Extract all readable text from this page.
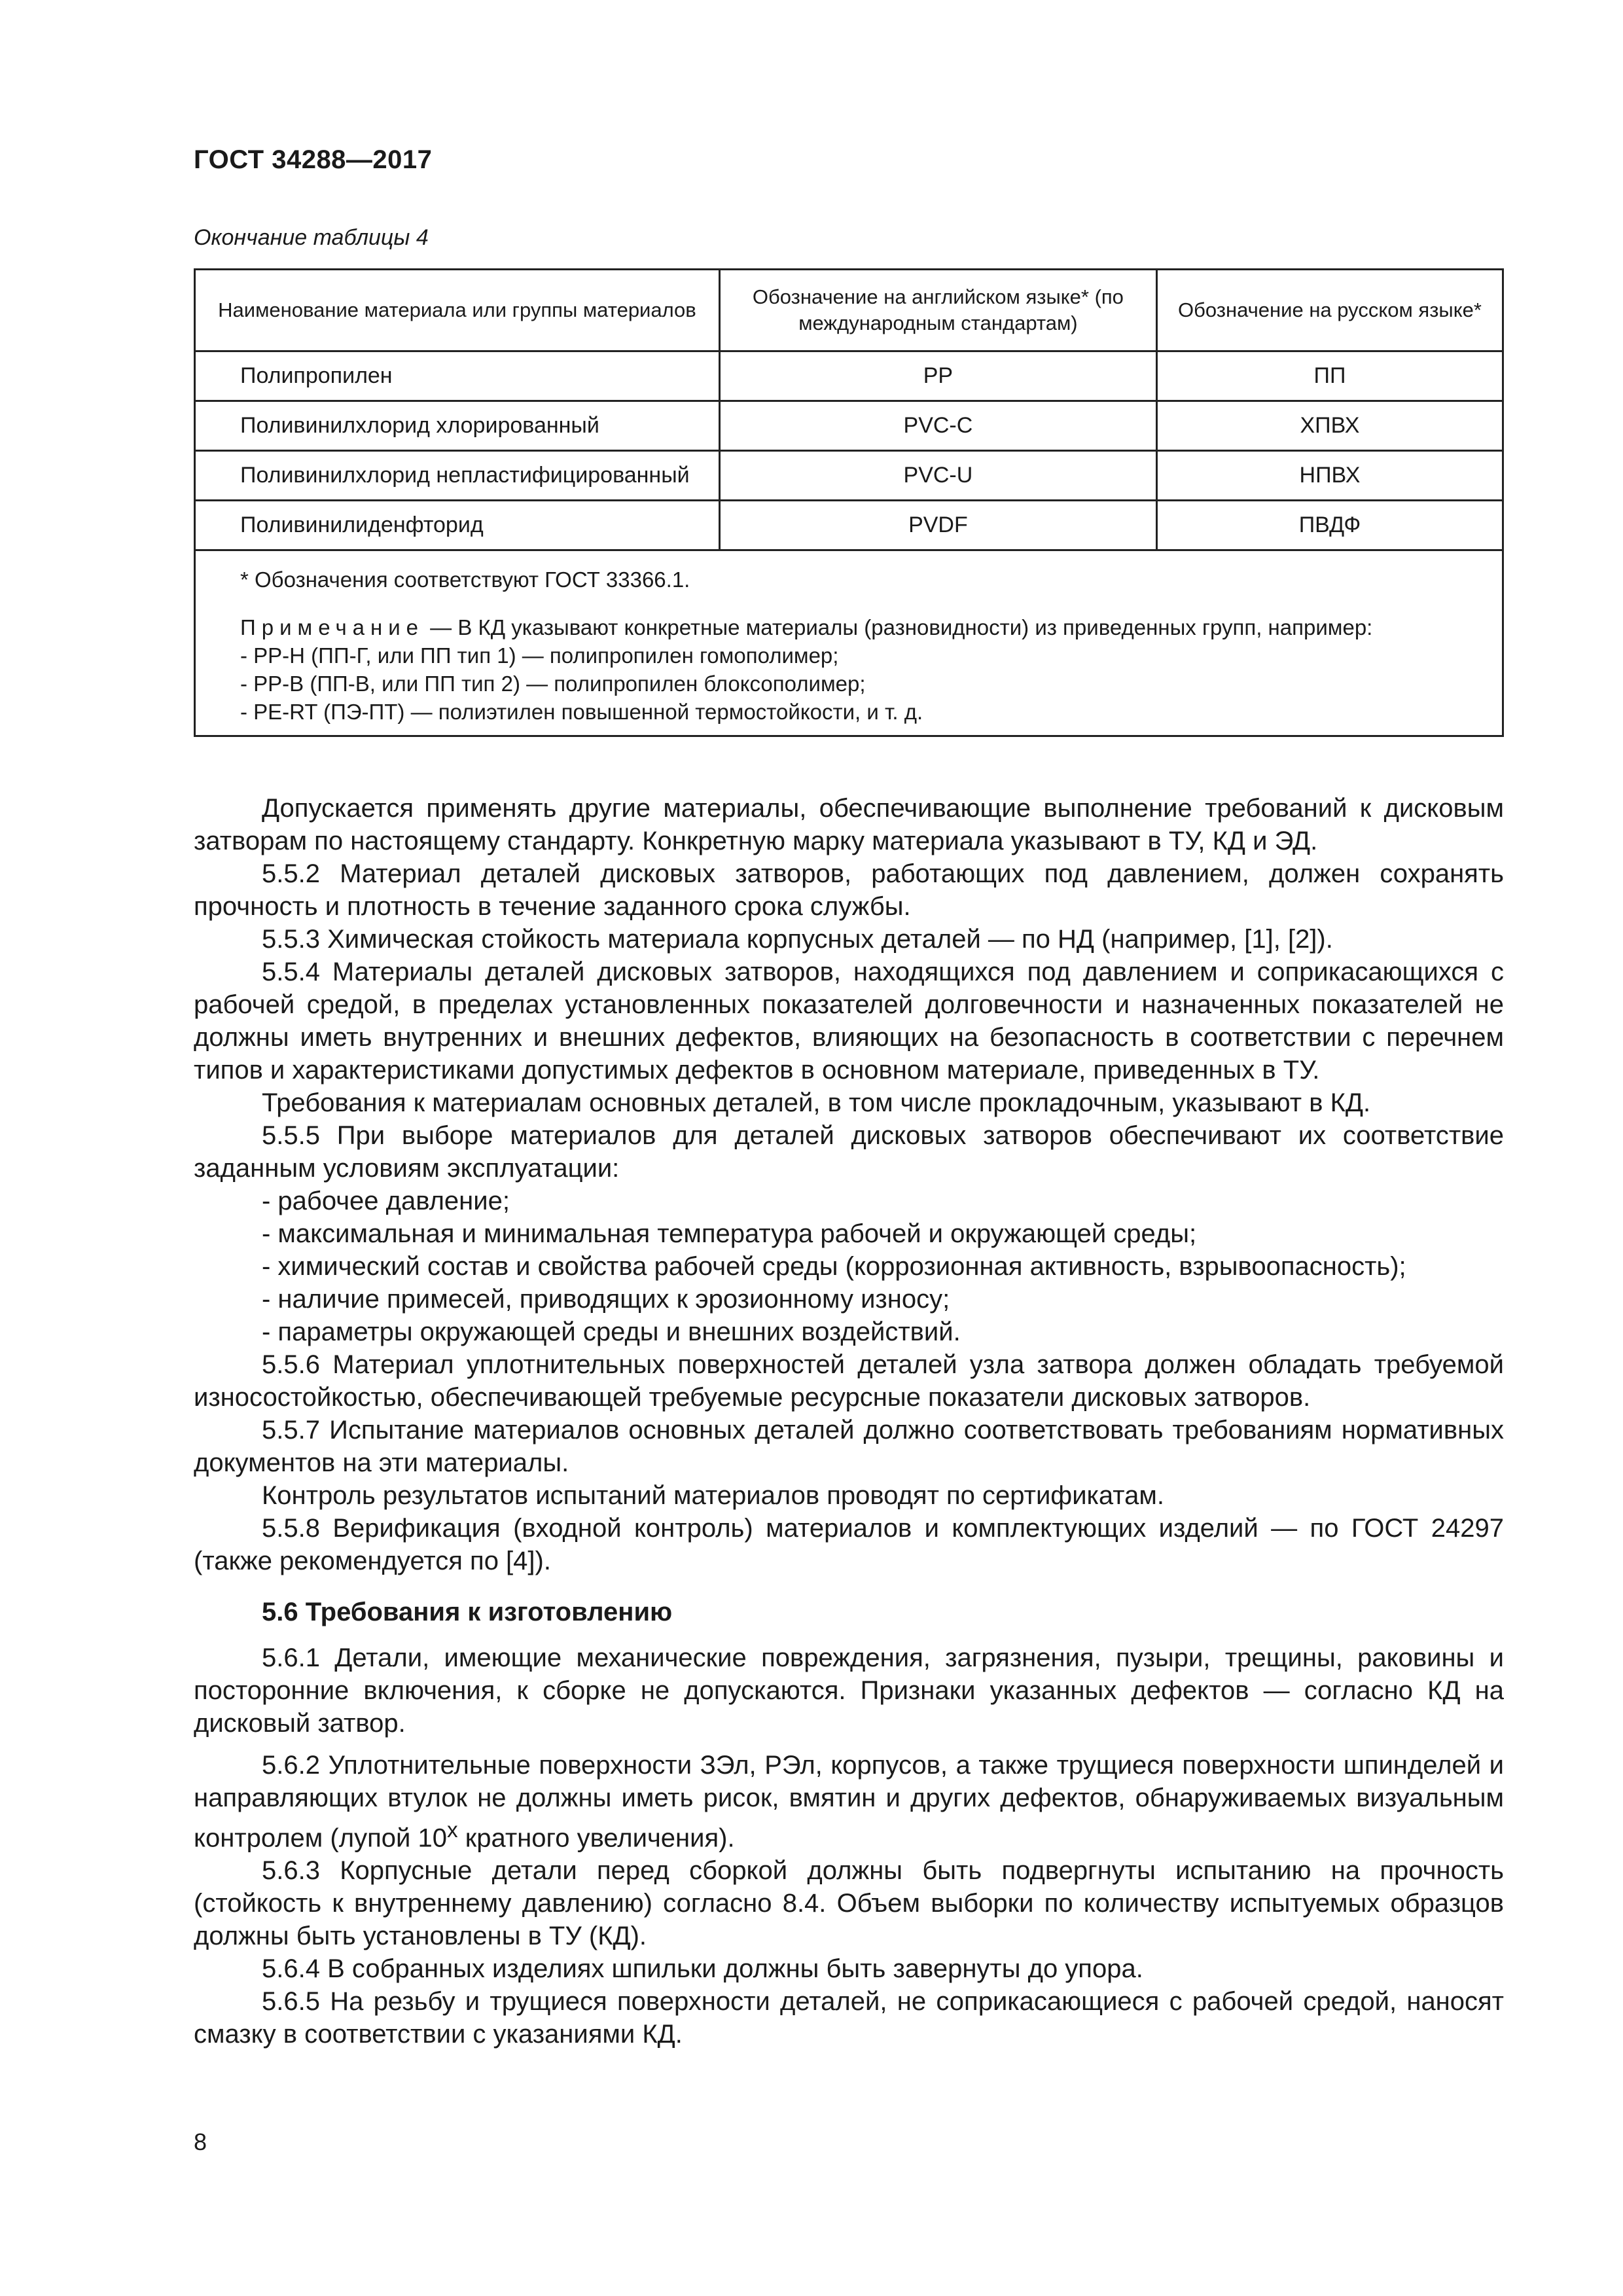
ГОСТ 34288—2017
Окончание таблицы 4
Наименование материала или группы материалов	Обозначение на английском языке* (по международным стандартам)	Обозначение на русском языке*
Полипропилен	PP	ПП
Поливинилхлорид хлорированный	PVC-C	ХПВХ
Поливинилхлорид непластифицированный	PVC-U	НПВХ
Поливинилиденфторид	PVDF	ПВДФ

* Обозначения соответствуют ГОСТ 33366.1.
Примечание — В КД указывают конкретные материалы (разновидности) из приведенных групп, например:
- PP-H (ПП-Г, или ПП тип 1) — полипропилен гомополимер;
- PP-B (ПП-В, или ПП тип 2) — полипропилен блоксополимер;
- PE-RT (ПЭ-ПТ) — полиэтилен повышенной термостойкости, и т. д.		

Допускается применять другие материалы, обеспечивающие выполнение требований к дисковым затворам по настоящему стандарту. Конкретную марку материала указывают в ТУ, КД и ЭД.

5.5.2 Материал деталей дисковых затворов, работающих под давлением, должен сохранять прочность и плотность в течение заданного срока службы.

5.5.3 Химическая стойкость материала корпусных деталей — по НД (например, [1], [2]).

5.5.4 Материалы деталей дисковых затворов, находящихся под давлением и соприкасающихся с рабочей средой, в пределах установленных показателей долговечности и назначенных показателей не должны иметь внутренних и внешних дефектов, влияющих на безопасность в соответствии с перечнем типов и характеристиками допустимых дефектов в основном материале, приведенных в ТУ.

Требования к материалам основных деталей, в том числе прокладочным, указывают в КД.

5.5.5 При выборе материалов для деталей дисковых затворов обеспечивают их соответствие заданным условиям эксплуатации:

- рабочее давление;

- максимальная и минимальная температура рабочей и окружающей среды;

- химический состав и свойства рабочей среды (коррозионная активность, взрывоопасность);

- наличие примесей, приводящих к эрозионному износу;

- параметры окружающей среды и внешних воздействий.

5.5.6 Материал уплотнительных поверхностей деталей узла затвора должен обладать требуемой износостойкостью, обеспечивающей требуемые ресурсные показатели дисковых затворов.

5.5.7 Испытание материалов основных деталей должно соответствовать требованиям нормативных документов на эти материалы.

Контроль результатов испытаний материалов проводят по сертификатам.

5.5.8 Верификация (входной контроль) материалов и комплектующих изделий — по ГОСТ 24297 (также рекомендуется по [4]).

5.6 Требования к изготовлению

5.6.1 Детали, имеющие механические повреждения, загрязнения, пузыри, трещины, раковины и посторонние включения, к сборке не допускаются. Признаки указанных дефектов — согласно КД на дисковый затвор.

5.6.2 Уплотнительные поверхности ЗЭл, РЭл, корпусов, а также трущиеся поверхности шпинделей и направляющих втулок не должны иметь рисок, вмятин и других дефектов, обнаруживаемых визуальным контролем (лупой $10^х$ кратного увеличения).

5.6.3 Корпусные детали перед сборкой должны быть подвергнуты испытанию на прочность (стойкость к внутреннему давлению) согласно 8.4. Объем выборки по количеству испытуемых образцов должны быть установлены в ТУ (КД).

5.6.4 В собранных изделиях шпильки должны быть завернуты до упора.

5.6.5 На резьбу и трущиеся поверхности деталей, не соприкасающиеся с рабочей средой, наносят смазку в соответствии с указаниями КД.

8
